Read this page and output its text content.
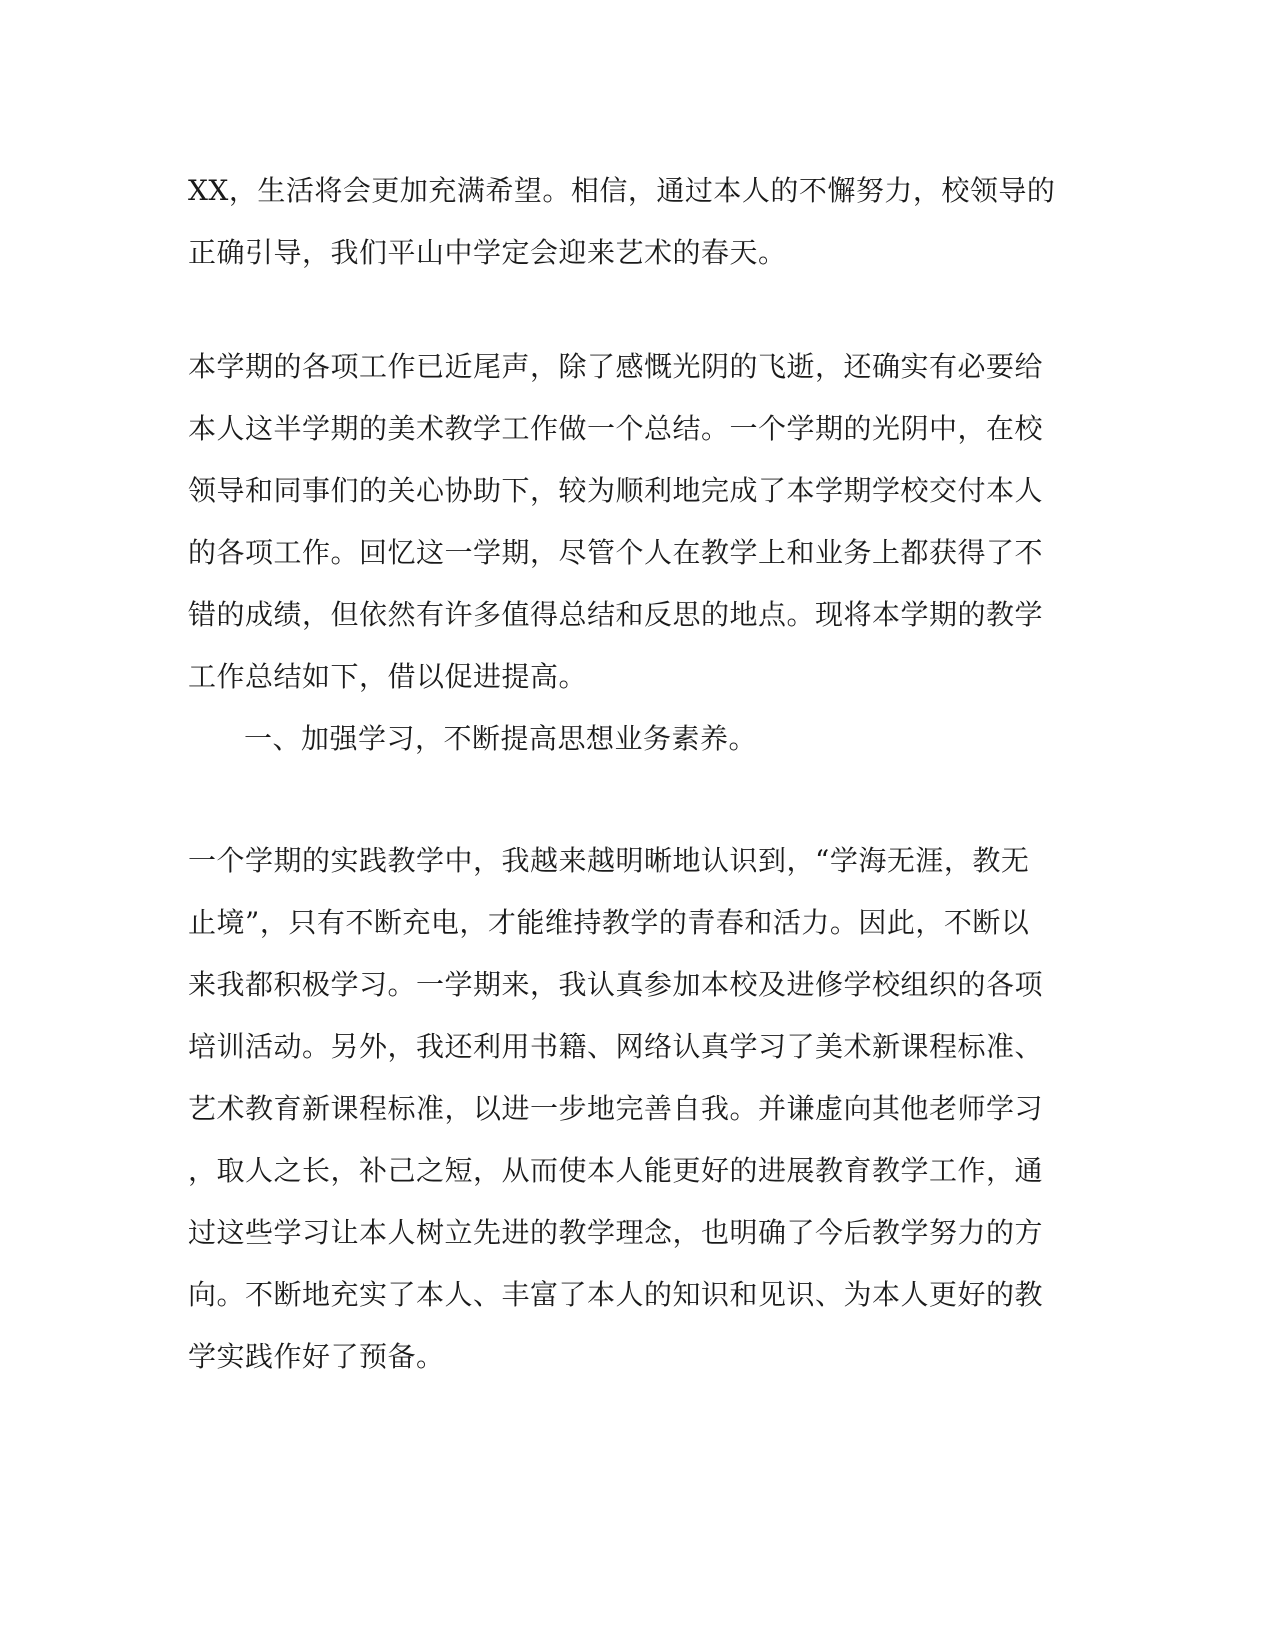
XX，生活将会更加充满希望。相信，通过本人的不懈努力，校领导的
正确引导，我们平山中学定会迎来艺术的春天。
本学期的各项工作已近尾声，除了感慨光阴的飞逝，还确实有必要给
本人这半学期的美术教学工作做一个总结。一个学期的光阴中，在校
领导和同事们的关心协助下，较为顺利地完成了本学期学校交付本人
的各项工作。回忆这一学期，尽管个人在教学上和业务上都获得了不
错的成绩，但依然有许多值得总结和反思的地点。现将本学期的教学
工作总结如下，借以促进提高。
一、加强学习，不断提高思想业务素养。
一个学期的实践教学中，我越来越明晰地认识到，“学海无涯，教无
止境”，只有不断充电，才能维持教学的青春和活力。因此，不断以
来我都积极学习。一学期来，我认真参加本校及进修学校组织的各项
培训活动。另外，我还利用书籍、网络认真学习了美术新课程标准、
艺术教育新课程标准，以进一步地完善自我。并谦虚向其他老师学习
，取人之长，补己之短，从而使本人能更好的进展教育教学工作，通
过这些学习让本人树立先进的教学理念，也明确了今后教学努力的方
向。不断地充实了本人、丰富了本人的知识和见识、为本人更好的教
学实践作好了预备。
